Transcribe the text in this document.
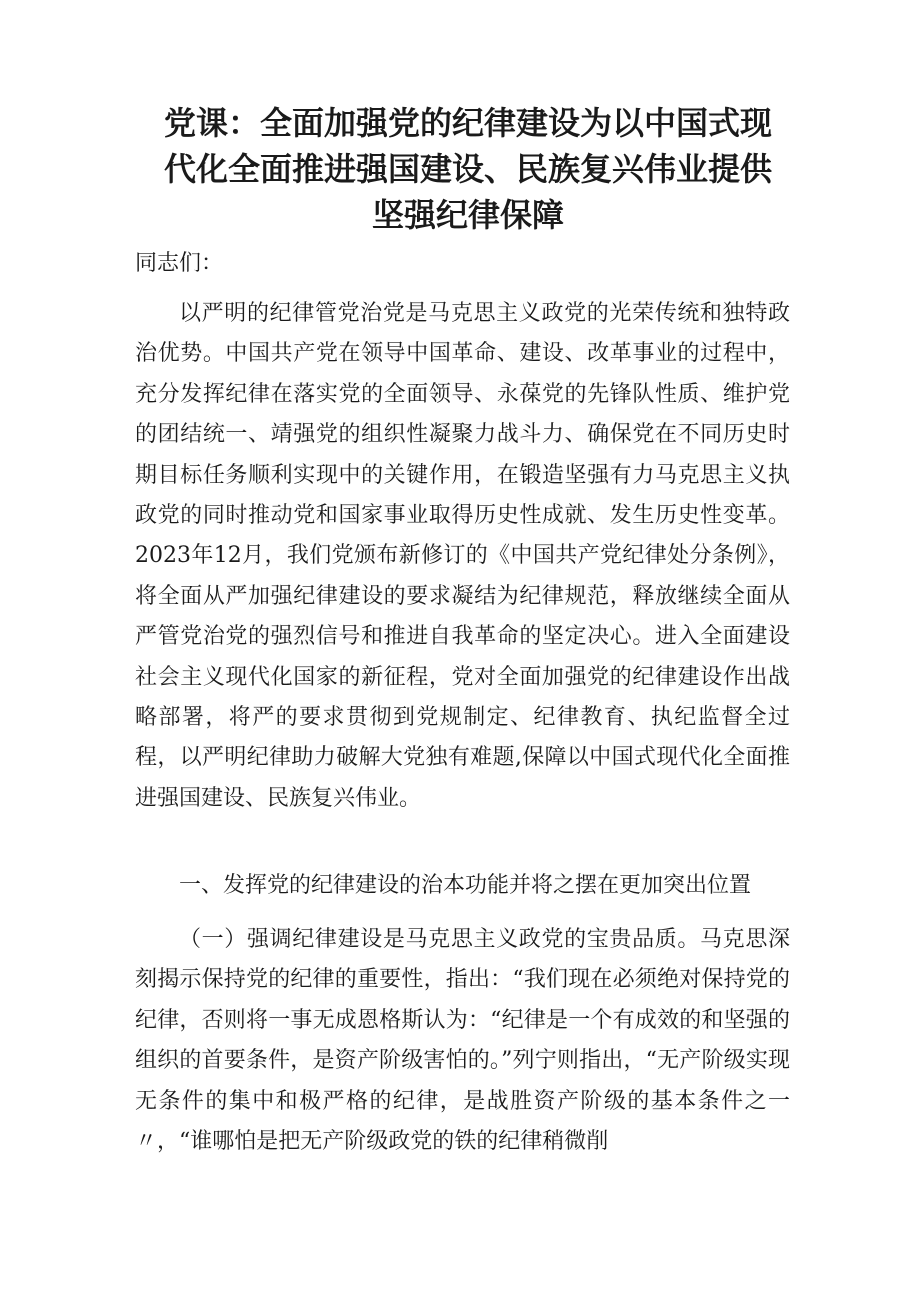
党课：全面加强党的纪律建设为以中国式现代化全面推进强国建设、民族复兴伟业提供坚强纪律保障

同志们：

以严明的纪律管党治党是马克思主义政党的光荣传统和独特政治优势。中国共产党在领导中国革命、建设、改革事业的过程中，充分发挥纪律在落实党的全面领导、永葆党的先锋队性质、维护党的团结统一、靖强党的组织性凝聚力战斗力、确保党在不同历史时期目标任务顺利实现中的关键作用，在锻造坚强有力马克思主义执政党的同时推动党和国家事业取得历史性成就、发生历史性变革。2023年12月，我们党颁布新修订的《中国共产党纪律处分条例》，将全面从严加强纪律建设的要求凝结为纪律规范，释放继续全面从严管党治党的强烈信号和推进自我革命的坚定决心。进入全面建设社会主义现代化国家的新征程，党对全面加强党的纪律建设作出战略部署，将严的要求贯彻到党规制定、纪律教育、执纪监督全过程，以严明纪律助力破解大党独有难题,保障以中国式现代化全面推进强国建设、民族复兴伟业。

一、发挥党的纪律建设的治本功能并将之摆在更加突出位置

（一）强调纪律建设是马克思主义政党的宝贵品质。马克思深刻揭示保持党的纪律的重要性，指出：“我们现在必须绝对保持党的纪律，否则将一事无成恩格斯认为：“纪律是一个有成效的和坚强的组织的首要条件，是资产阶级害怕的。”列宁则指出，“无产阶级实现无条件的集中和极严格的纪律，是战胜资产阶级的基本条件之一〃，“谁哪怕是把无产阶级政党的铁的纪律稍微削
